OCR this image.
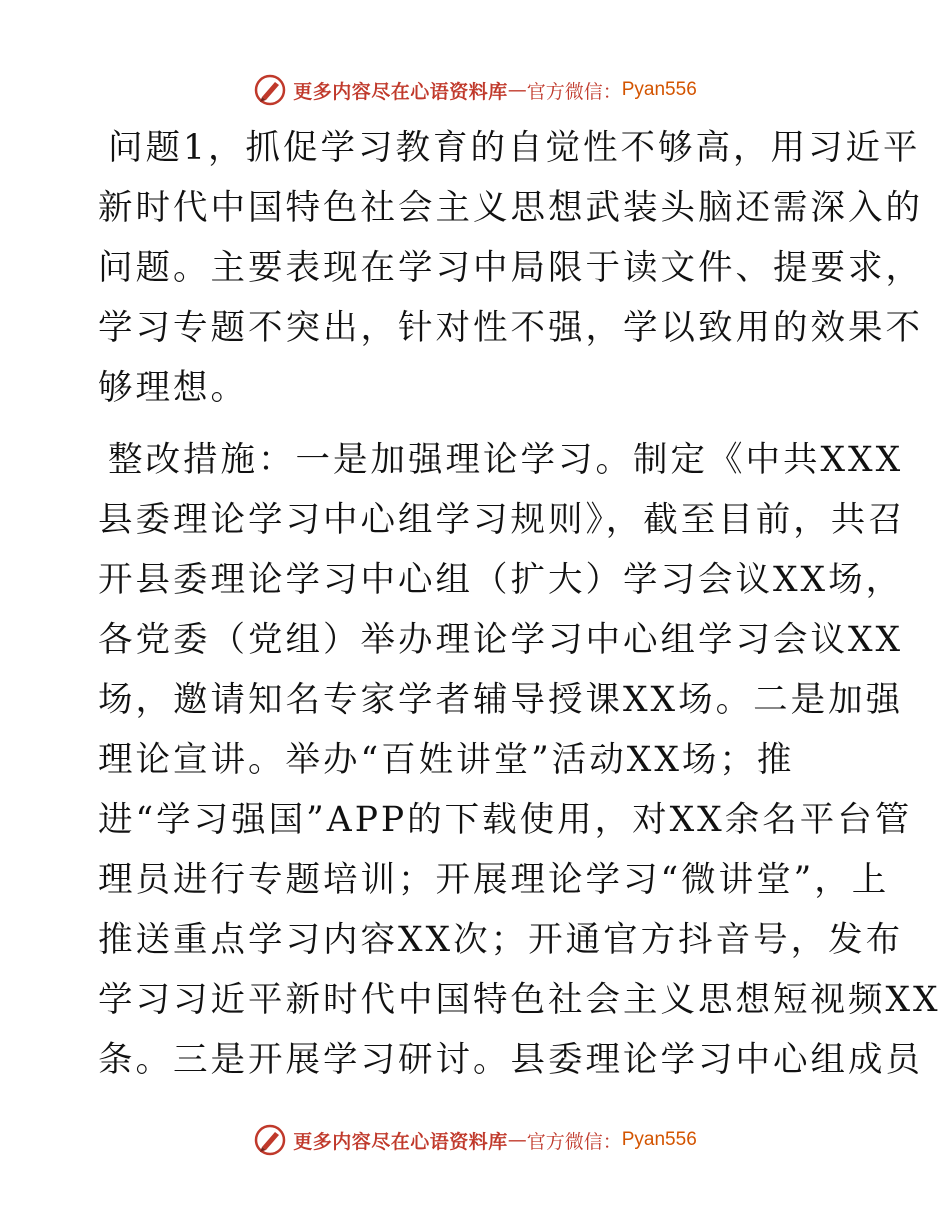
更多内容尽在心语资料库 — 官方微信： Pyan556
问题1，抓促学习教育的自觉性不够高，用习近平
新时代中国特色社会主义思想武装头脑还需深入的
问题。主要表现在学习中局限于读文件、提要求，
学习专题不突出，针对性不强，学以致用的效果不
够理想。
整改措施：一是加强理论学习。制定《中共XXX
县委理论学习中心组学习规则》，截至目前，共召
开县委理论学习中心组（扩大）学习会议XX场，
各党委（党组）举办理论学习中心组学习会议XX
场，邀请知名专家学者辅导授课XX场。二是加强
理论宣讲。举办“百姓讲堂”活动XX场；推
进“学习强国”APP的下载使用，对XX余名平台管
理员进行专题培训；开展理论学习“微讲堂”，上
推送重点学习内容XX次；开通官方抖音号，发布
学习习近平新时代中国特色社会主义思想短视频XX
条。三是开展学习研讨。县委理论学习中心组成员
更多内容尽在心语资料库 — 官方微信： Pyan556
